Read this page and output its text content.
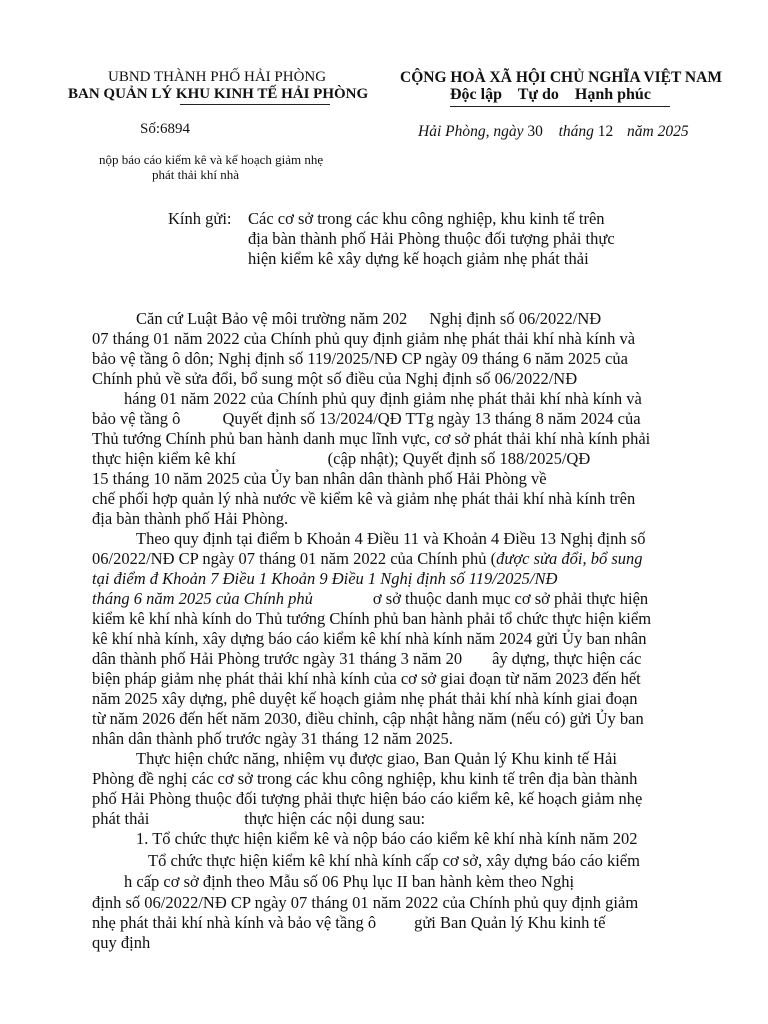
UBND THÀNH PHỐ HẢI PHÒNG
BAN QUẢN LÝ KHU KINH TẾ HẢI PHÒNG
CỘNG HOÀ XÃ HỘI CHỦ NGHĨA VIỆT NAM
Độc lập    Tự do    Hạnh phúc
Số:6894	Hải Phòng, ngày 30 tháng 12 năm 2025
nộp báo cáo kiểm kê và kế hoạch giảm nhẹ
phát thải khí nhà
Kính gửi: Các cơ sở trong các khu công nghiệp, khu kinh tế trên
địa bàn thành phố Hải Phòng thuộc đối tượng phải thực
hiện kiểm kê xây dựng kế hoạch giảm nhẹ phát thải
Căn cứ Luật Bảo vệ môi trường năm 202 Nghị định số 06/2022/NĐ
07 tháng 01 năm 2022 của Chính phủ quy định giảm nhẹ phát thải khí nhà kính và
bảo vệ tầng ô dôn; Nghị định số 119/2025/NĐ CP ngày 09 tháng 6 năm 2025 của
Chính phủ về sửa đổi, bổ sung một số điều của Nghị định số 06/2022/NĐ
háng 01 năm 2022 của Chính phủ quy định giảm nhẹ phát thải khí nhà kính và
bảo vệ tầng ô	Quyết định số 13/2024/QĐ TTg ngày 13 tháng 8 năm 2024 của
Thủ tướng Chính phủ ban hành danh mục lĩnh vực, cơ sở phát thải khí nhà kính phải
thực hiện kiểm kê khí	(cập nhật); Quyết định số 188/2025/QĐ
15 tháng 10 năm 2025 của Ủy ban nhân dân thành phố Hải Phòng về
chế phối hợp quản lý nhà nước về kiểm kê và giảm nhẹ phát thải khí nhà kính trên
địa bàn thành phố Hải Phòng.
Theo quy định tại điểm b Khoản 4 Điều 11 và Khoản 4 Điều 13 Nghị định số
06/2022/NĐ CP ngày 07 tháng 01 năm 2022 của Chính phủ (được sửa đổi, bổ sung
tại điểm đ Khoản 7 Điều 1 Khoản 9 Điều 1 Nghị định số 119/2025/NĐ
tháng 6 năm 2025 của Chính phủ	ơ sở thuộc danh mục cơ sở phải thực hiện
kiểm kê khí nhà kính do Thủ tướng Chính phủ ban hành phải tổ chức thực hiện kiểm
kê khí nhà kính, xây dựng báo cáo kiểm kê khí nhà kính năm 2024 gửi Ủy ban nhân
dân thành phố Hải Phòng trước ngày 31 tháng 3 năm 20 ây dựng, thực hiện các
biện pháp giảm nhẹ phát thải khí nhà kính của cơ sở giai đoạn từ năm 2023 đến hết
năm 2025 xây dựng, phê duyệt kế hoạch giảm nhẹ phát thải khí nhà kính giai đoạn
từ năm 2026 đến hết năm 2030, điều chỉnh, cập nhật hằng năm (nếu có) gửi Ủy ban
nhân dân thành phố trước ngày 31 tháng 12 năm 2025.
Thực hiện chức năng, nhiệm vụ được giao, Ban Quản lý Khu kinh tế Hải
Phòng đề nghị các cơ sở trong các khu công nghiệp, khu kinh tế trên địa bàn thành
phố Hải Phòng thuộc đối tượng phải thực hiện báo cáo kiểm kê, kế hoạch giảm nhẹ
phát thải	thực hiện các nội dung sau:
1. Tổ chức thực hiện kiểm kê và nộp báo cáo kiểm kê khí nhà kính năm 202
Tổ chức thực hiện kiểm kê khí nhà kính cấp cơ sở, xây dựng báo cáo kiểm
h cấp cơ sở định theo Mẫu số 06 Phụ lục II ban hành kèm theo Nghị
định số 06/2022/NĐ CP ngày 07 tháng 01 năm 2022 của Chính phủ quy định giảm
nhẹ phát thải khí nhà kính và bảo vệ tầng ô gửi Ban Quản lý Khu kinh tế
quy định
